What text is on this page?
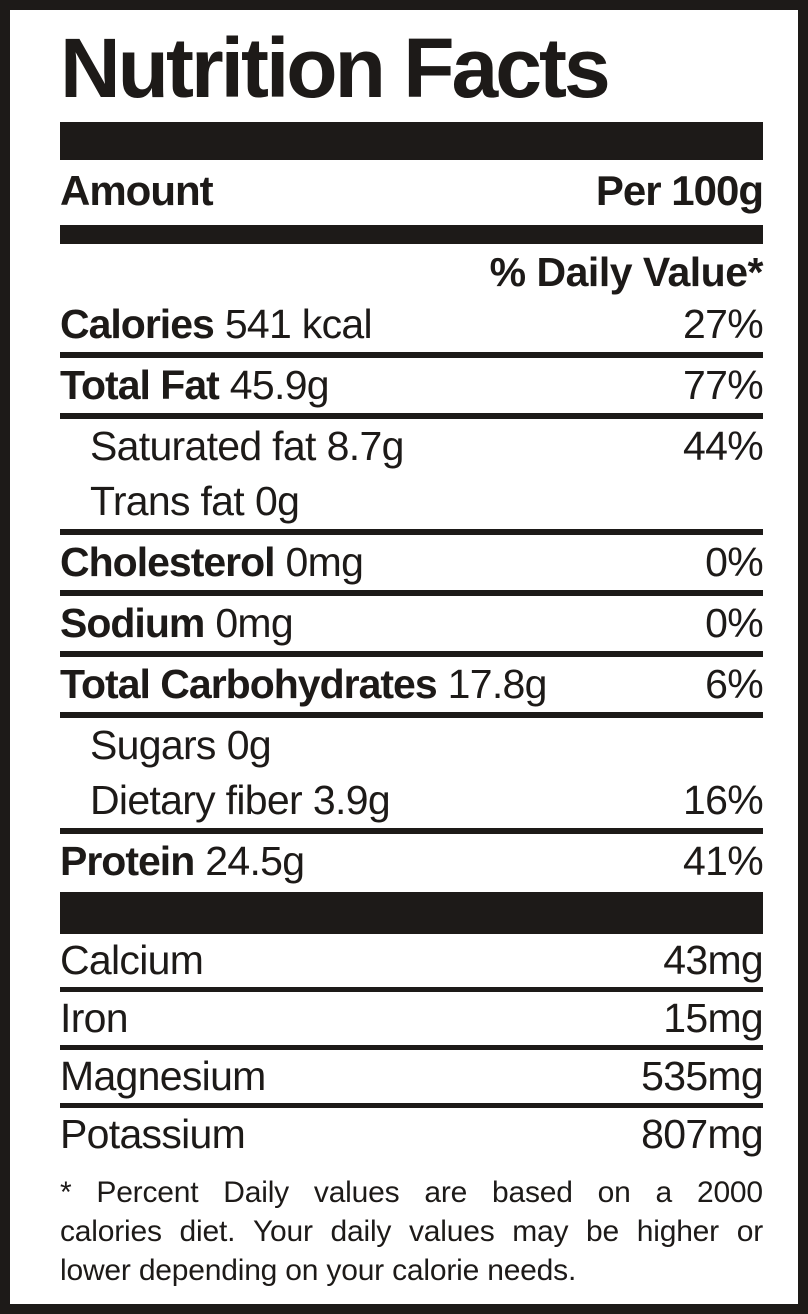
Nutrition Facts
Amount	Per 100g
% Daily Value*
Calories 541 kcal	27%
Total Fat 45.9g	77%
Saturated fat 8.7g	44%
Trans fat 0g
Cholesterol 0mg	0%
Sodium 0mg	0%
Total Carbohydrates 17.8g	6%
Sugars 0g
Dietary fiber 3.9g	16%
Protein 24.5g	41%
Calcium	43mg
Iron	15mg
Magnesium	535mg
Potassium	807mg
* Percent Daily values are based on a 2000
calories diet. Your daily values may be higher or
lower depending on your calorie needs.
